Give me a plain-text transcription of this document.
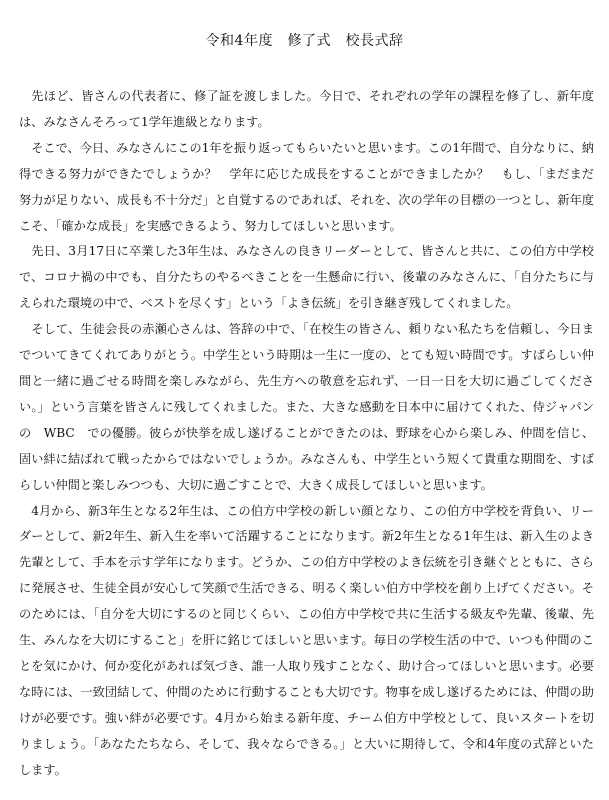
令和4年度　修了式　校長式辞

先ほど、皆さんの代表者に、修了証を渡しました。今日で、それぞれの学年の課程を修了し、新年度は、みなさんそろって1学年進級となります。

そこで、今日、みなさんにこの1年を振り返ってもらいたいと思います。この1年間で、自分なりに、納得できる努力ができたでしょうか？　学年に応じた成長をすることができましたか？　もし、「まだまだ努力が足りない、成長も不十分だ」と自覚するのであれば、それを、次の学年の目標の一つとし、新年度こそ、「確かな成長」を実感できるよう、努力してほしいと思います。

先日、3月17日に卒業した3年生は、みなさんの良きリーダーとして、皆さんと共に、この伯方中学校で、コロナ禍の中でも、自分たちのやるべきことを一生懸命に行い、後輩のみなさんに、「自分たちに与えられた環境の中で、ベストを尽くす」という「よき伝統」を引き継ぎ残してくれました。

そして、生徒会長の赤瀬心さんは、答辞の中で、「在校生の皆さん、頼りない私たちを信頼し、今日までついてきてくれてありがとう。中学生という時期は一生に一度の、とても短い時間です。すばらしい仲間と一緒に過ごせる時間を楽しみながら、先生方への敬意を忘れず、一日一日を大切に過ごしてください。」という言葉を皆さんに残してくれました。また、大きな感動を日本中に届けてくれた、侍ジャパンの　WBC　での優勝。彼らが快挙を成し遂げることができたのは、野球を心から楽しみ、仲間を信じ、固い絆に結ばれて戦ったからではないでしょうか。みなさんも、中学生という短くて貴重な期間を、すばらしい仲間と楽しみつつも、大切に過ごすことで、大きく成長してほしいと思います。

4月から、新3年生となる2年生は、この伯方中学校の新しい顔となり、この伯方中学校を背負い、リーダーとして、新2年生、新入生を率いて活躍することになります。新2年生となる1年生は、新入生のよき先輩として、手本を示す学年になります。どうか、この伯方中学校のよき伝統を引き継ぐとともに、さらに発展させ、生徒全員が安心して笑顔で生活できる、明るく楽しい伯方中学校を創り上げてください。そのためには、「自分を大切にするのと同じくらい、この伯方中学校で共に生活する級友や先輩、後輩、先生、みんなを大切にすること」を肝に銘じてほしいと思います。毎日の学校生活の中で、いつも仲間のことを気にかけ、何か変化があれば気づき、誰一人取り残すことなく、助け合ってほしいと思います。必要な時には、一致団結して、仲間のために行動することも大切です。物事を成し遂げるためには、仲間の助けが必要です。強い絆が必要です。4月から始まる新年度、チーム伯方中学校として、良いスタートを切りましょう。「あなたたちなら、そして、我々ならできる。」と大いに期待して、令和4年度の式辞といたします。
